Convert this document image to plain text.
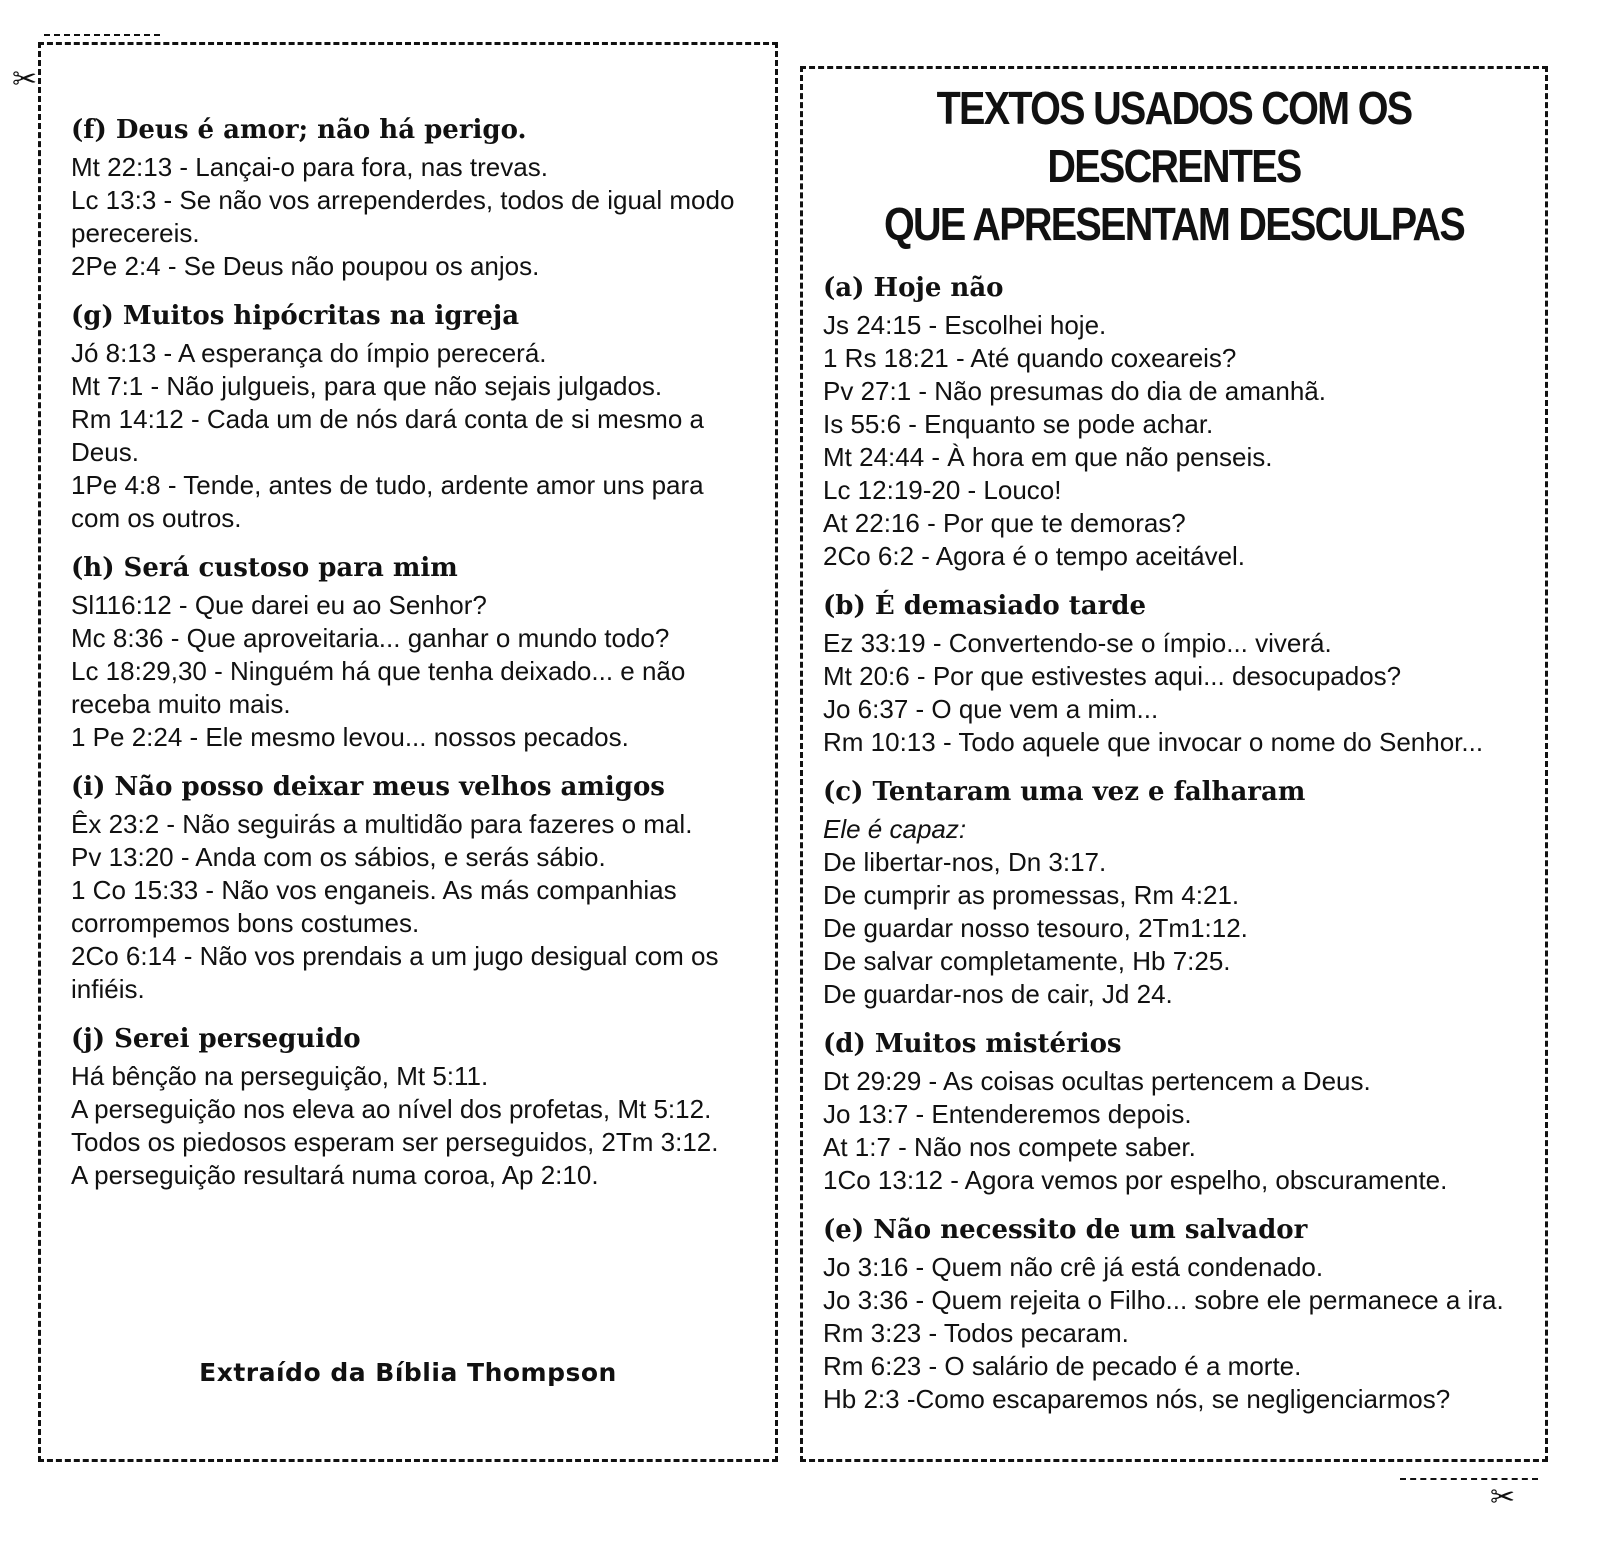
✂
✂
(f) Deus é amor; não há perigo.

Mt 22:13 - Lançai-o para fora, nas trevas.

Lc 13:3 - Se não vos arrependerdes, todos de igual modo perecereis.

2Pe 2:4 - Se Deus não poupou os anjos.

(g) Muitos hipócritas na igreja

Jó 8:13 - A esperança do ímpio perecerá.

Mt 7:1 - Não julgueis, para que não sejais julgados.

Rm 14:12 - Cada um de nós dará conta de si mesmo a Deus.

1Pe 4:8 - Tende, antes de tudo, ardente amor uns para com os outros.

(h) Será custoso para mim

Sl116:12 - Que darei eu ao Senhor?

Mc 8:36 - Que aproveitaria... ganhar o mundo todo?

Lc 18:29,30 - Ninguém há que tenha deixado... e não receba muito mais.

1 Pe 2:24 - Ele mesmo levou... nossos pecados.

(i) Não posso deixar meus velhos amigos

Êx 23:2 - Não seguirás a multidão para fazeres o mal.

Pv 13:20 - Anda com os sábios, e serás sábio.

1 Co 15:33 - Não vos enganeis. As más companhias corrompemos bons costumes.

2Co 6:14 - Não vos prendais a um jugo desigual com os infiéis.

(j) Serei perseguido

Há bênção na perseguição, Mt 5:11.

A perseguição nos eleva ao nível dos profetas, Mt 5:12.

Todos os piedosos esperam ser perseguidos, 2Tm 3:12.

A perseguição resultará numa coroa, Ap 2:10.

Extraído da Bíblia Thompson
TEXTOS USADOS COM OS DESCRENTES
QUE APRESENTAM DESCULPAS
(a) Hoje não

Js 24:15 - Escolhei hoje.

1 Rs 18:21 - Até quando coxeareis?

Pv 27:1 - Não presumas do dia de amanhã.

Is 55:6 - Enquanto se pode achar.

Mt 24:44 - À hora em que não penseis.

Lc 12:19-20 - Louco!

At 22:16 - Por que te demoras?

2Co 6:2 - Agora é o tempo aceitável.

(b) É demasiado tarde

Ez 33:19 - Convertendo-se o ímpio... viverá.

Mt 20:6 - Por que estivestes aqui... desocupados?

Jo 6:37 - O que vem a mim...

Rm 10:13 - Todo aquele que invocar o nome do Senhor...

(c) Tentaram uma vez e falharam

Ele é capaz:

De libertar-nos, Dn 3:17.

De cumprir as promessas, Rm 4:21.

De guardar nosso tesouro, 2Tm1:12.

De salvar completamente, Hb 7:25.

De guardar-nos de cair, Jd 24.

(d) Muitos mistérios

Dt 29:29 - As coisas ocultas pertencem a Deus.

Jo 13:7 - Entenderemos depois.

At 1:7 - Não nos compete saber.

1Co 13:12 - Agora vemos por espelho, obscuramente.

(e) Não necessito de um salvador

Jo 3:16 - Quem não crê já está condenado.

Jo 3:36 - Quem rejeita o Filho... sobre ele permanece a ira.

Rm 3:23 - Todos pecaram.

Rm 6:23 - O salário de pecado é a morte.

Hb 2:3 -Como escaparemos nós, se negligenciarmos?
